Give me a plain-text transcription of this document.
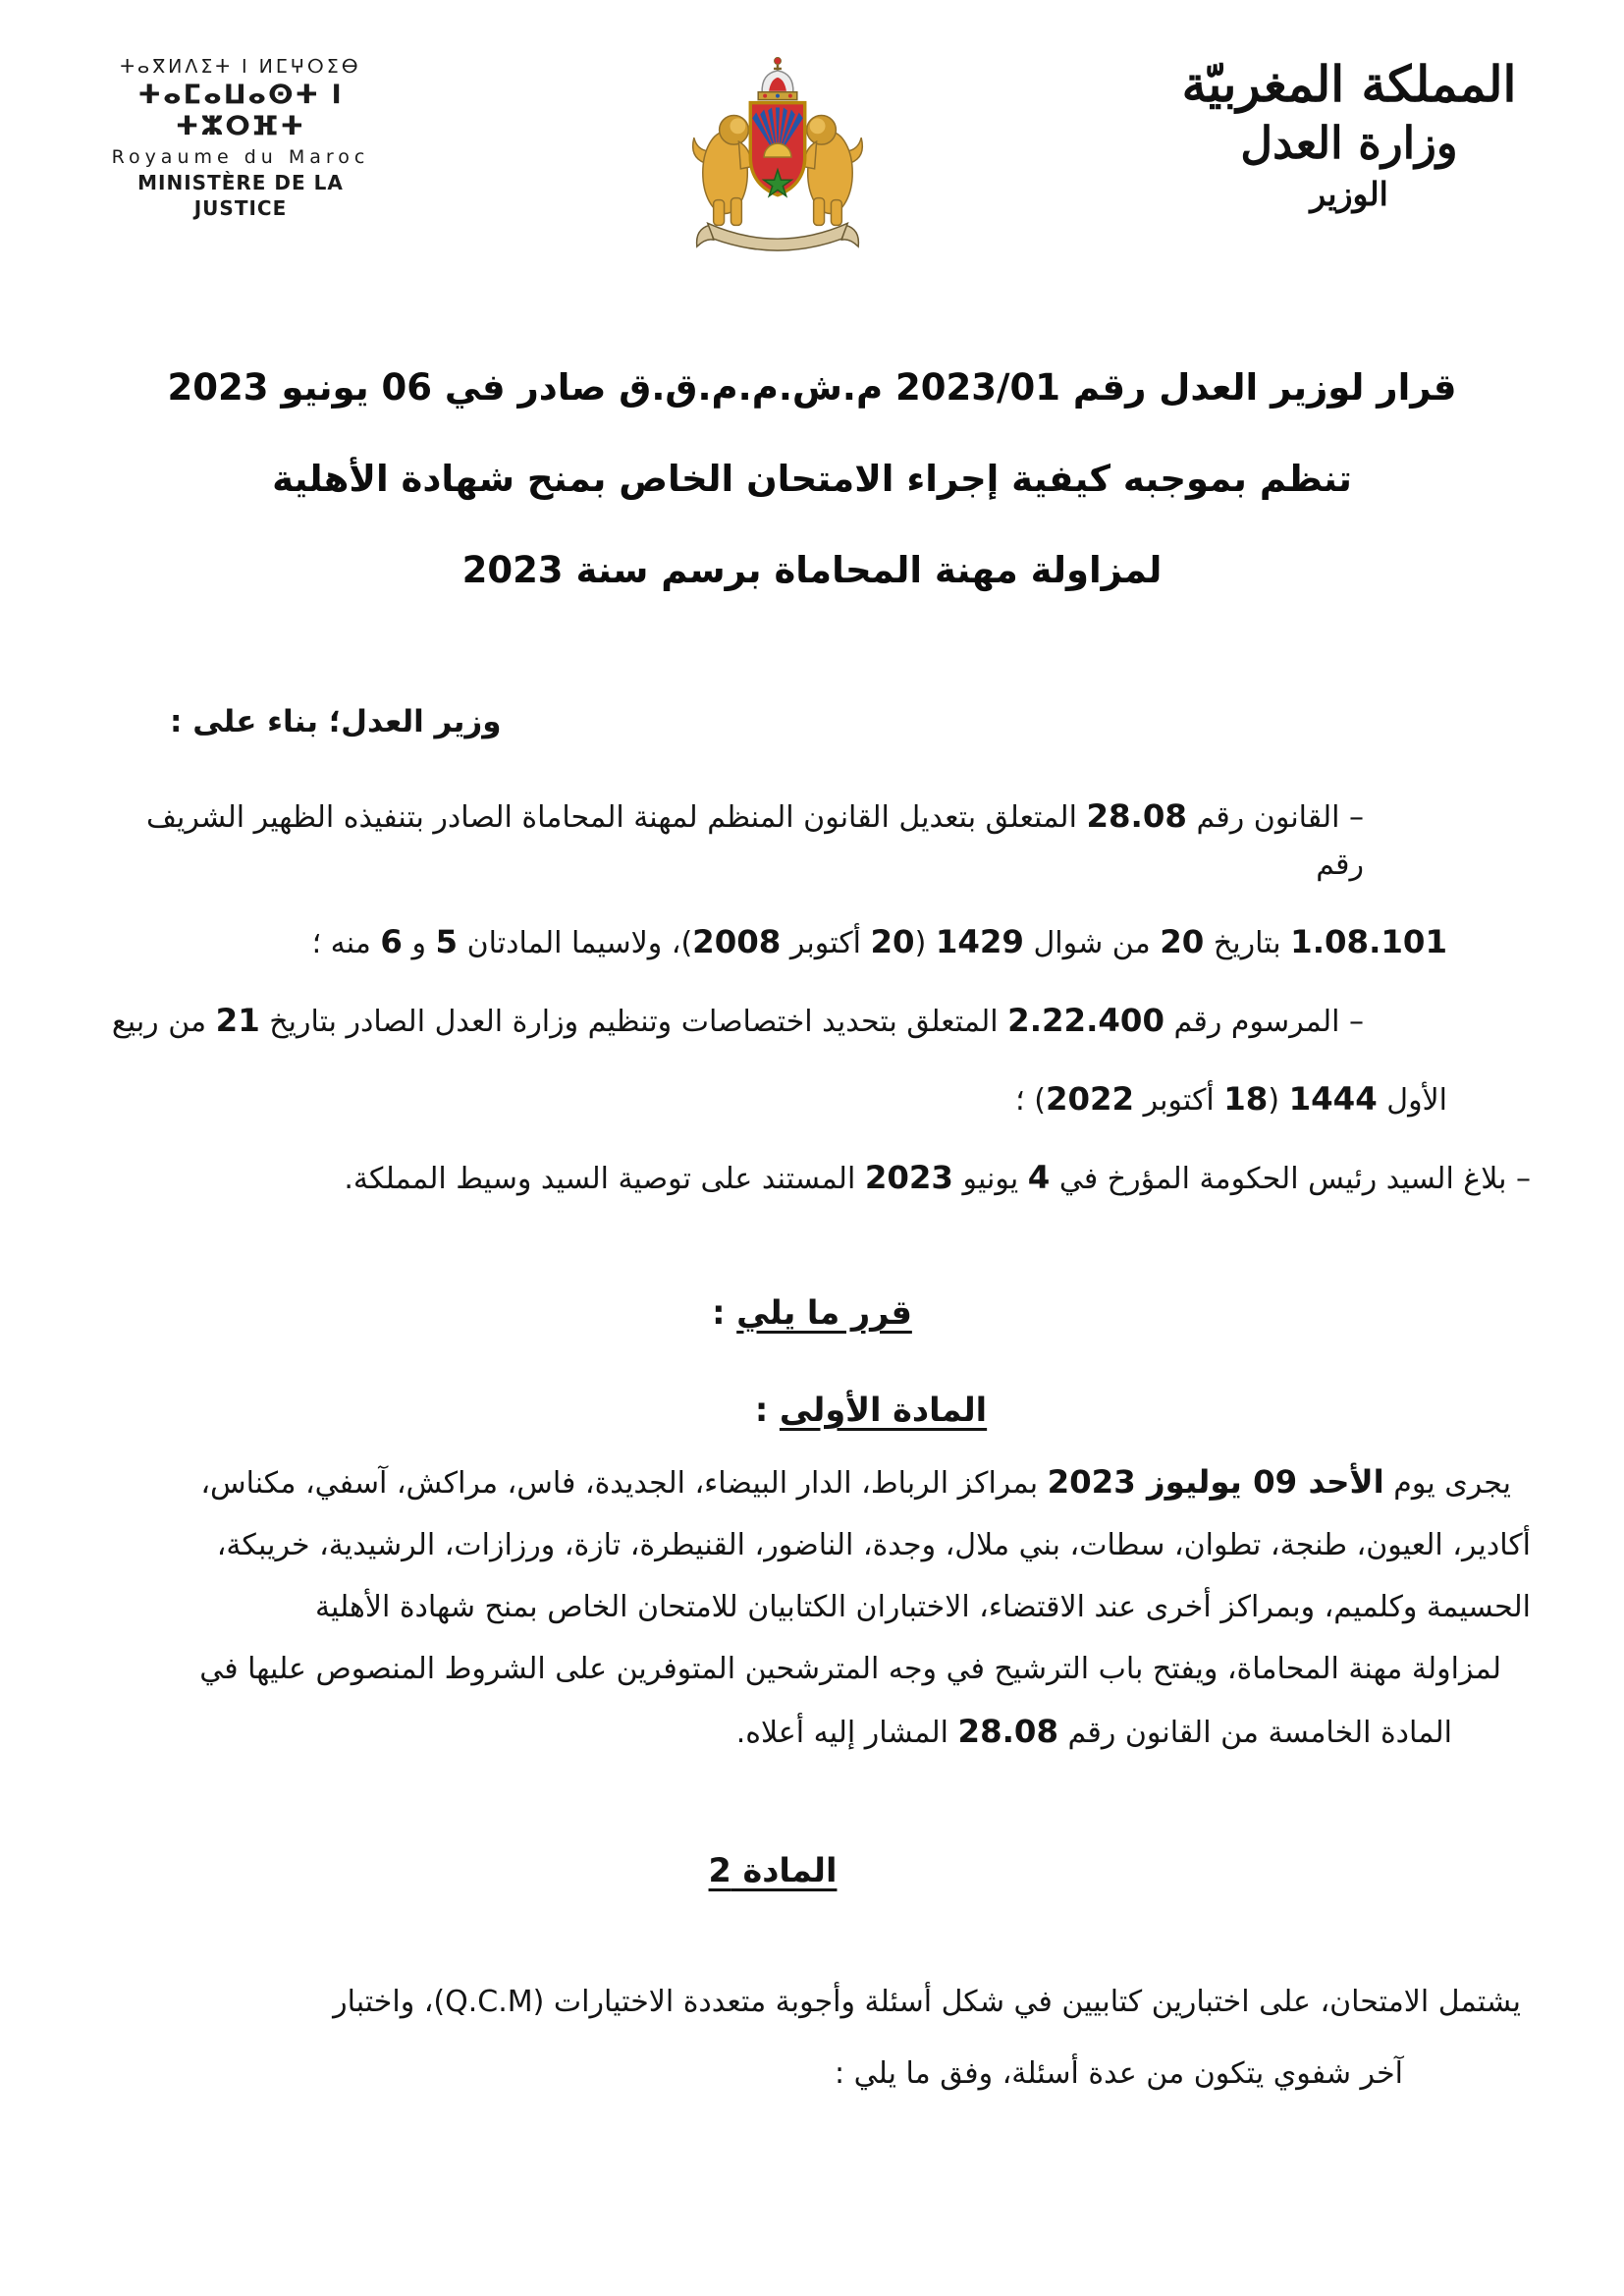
ⵜⴰⴳⵍⴷⵉⵜ ⵏ ⵍⵎⵖⵔⵉⴱ
ⵜⴰⵎⴰⵡⴰⵙⵜ ⵏ ⵜⵣⵔⴼⵜ
Royaume du Maroc
MINISTÈRE DE LA JUSTICE
المملكة المغربيّة
وزارة العدل
الوزير
قرار لوزير العدل رقم 2023/01 م.ش.م.م.ق.ق صادر في 06 يونيو 2023
تنظم بموجبه كيفية إجراء الامتحان الخاص بمنح شهادة الأهلية
لمزاولة مهنة المحاماة برسم سنة 2023
وزير العدل؛ بناء على :
– القانون رقم 28.08 المتعلق بتعديل القانون المنظم لمهنة المحاماة الصادر بتنفيذه الظهير الشريف رقم
1.08.101 بتاريخ 20 من شوال 1429 (20 أكتوبر 2008)، ولاسيما المادتان 5 و 6 منه ؛
– المرسوم رقم 2.22.400 المتعلق بتحديد اختصاصات وتنظيم وزارة العدل الصادر بتاريخ 21 من ربيع
الأول 1444 (18 أكتوبر 2022) ؛
– بلاغ السيد رئيس الحكومة المؤرخ في 4 يونيو 2023 المستند على توصية السيد وسيط المملكة.
قرر ما يلي :
المادة الأولى :
يجرى يوم الأحد 09 يوليوز 2023 بمراكز الرباط، الدار البيضاء، الجديدة، فاس، مراكش، آسفي، مكناس،
أكادير، العيون، طنجة، تطوان، سطات، بني ملال، وجدة، الناضور، القنيطرة، تازة، ورزازات، الرشيدية، خريبكة،
الحسيمة وكلميم، وبمراكز أخرى عند الاقتضاء، الاختباران الكتابيان للامتحان الخاص بمنح شهادة الأهلية
لمزاولة مهنة المحاماة، ويفتح باب الترشيح في وجه المترشحين المتوفرين على الشروط المنصوص عليها في
المادة الخامسة من القانون رقم 28.08 المشار إليه أعلاه.
المادة 2
يشتمل الامتحان، على اختبارين كتابيين في شكل أسئلة وأجوبة متعددة الاختيارات (Q.C.M)، واختبار
آخر شفوي يتكون من عدة أسئلة، وفق ما يلي :
